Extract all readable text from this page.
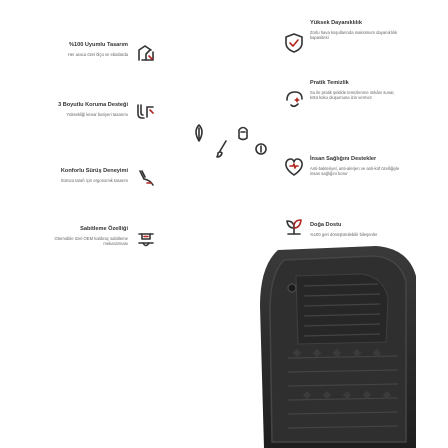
%100 Uyumlu Tasarım
Her araca özel ölçü ve ebatlarda
3 Boyutlu Koruma Desteği
Yüksekliği kenar bariyeri tasarımı
Konforlu Sürüş Deneyimi
Sürücü tarafı için ergonomik tasarım
Sabitleme Özelliği
Otomobile özel OEM kaldıraç sabitleme mekanizması
Yüksek Dayanıklılık
Zorlu hava koşullarında maksimum dayanıklılık kapasitesi
Pratik Temizlik
Su ile pratik şekilde temizlenme imkânı sunar, kötü koku oluşumuna izin vermez
İnsan Sağlığını Destekler
Anti-bakteriyel, anti-alerjen ve anti-küf özelliğiyle insan sağlığını korur
Doğa Dostu
%100 geri dönüştürülebilir bileşenler
